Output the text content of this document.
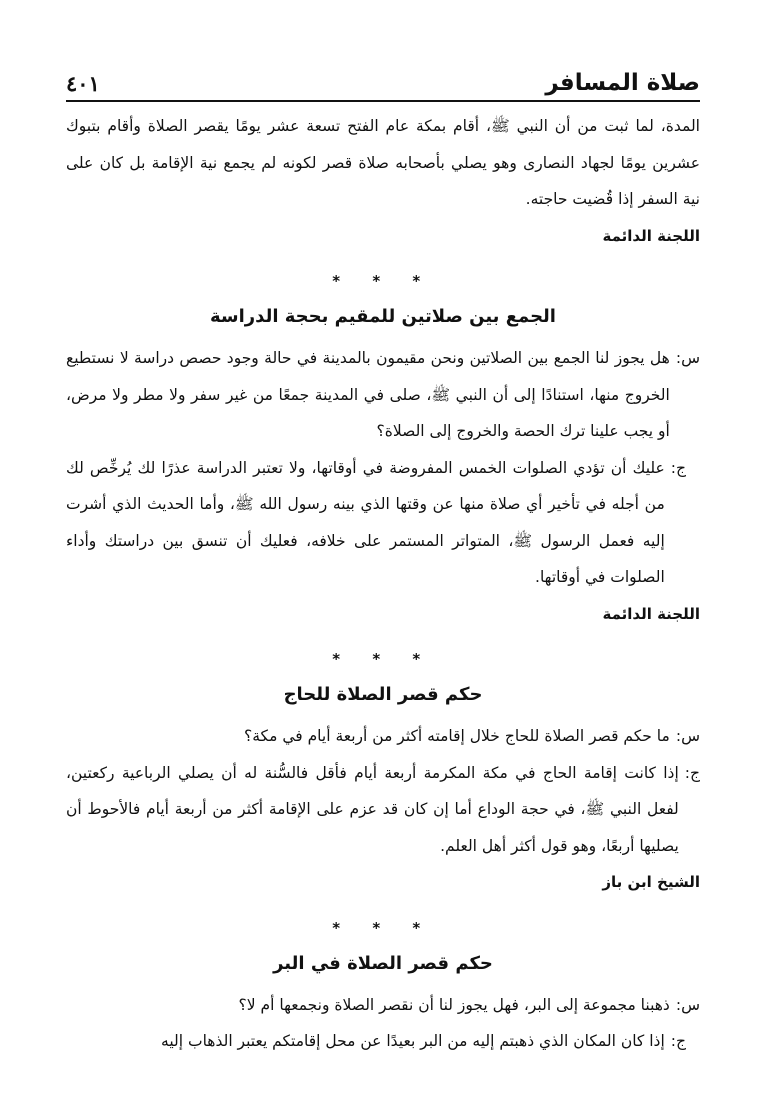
صلاة المسافر
٤٠١

المدة، لما ثبت من أن النبي ﷺ، أقام بمكة عام الفتح تسعة عشر يومًا يقصر الصلاة وأقام بتبوك عشرين يومًا لجهاد النصارى وهو يصلي بأصحابه صلاة قصر لكونه لم يجمع نية الإقامة بل كان على نية السفر إذا قُضيت حاجته.

اللجنة الدائمة

* * *
الجمع بين صلاتين للمقيم بحجة الدراسة
س:
هل يجوز لنا الجمع بين الصلاتين ونحن مقيمون بالمدينة في حالة وجود حصص دراسة لا نستطيع الخروج منها، استنادًا إلى أن النبي ﷺ، صلى في المدينة جمعًا من غير سفر ولا مطر ولا مرض، أو يجب علينا ترك الحصة والخروج إلى الصلاة؟
ج:
عليك أن تؤدي الصلوات الخمس المفروضة في أوقاتها، ولا تعتبر الدراسة عذرًا لك يُرخِّص لك من أجله في تأخير أي صلاة منها عن وقتها الذي بينه رسول الله ﷺ، وأما الحديث الذي أشرت إليه فعمل الرسول ﷺ، المتواتر المستمر على خلافه، فعليك أن تنسق بين دراستك وأداء الصلوات في أوقاتها.

اللجنة الدائمة

* * *
حكم قصر الصلاة للحاج
س:
ما حكم قصر الصلاة للحاج خلال إقامته أكثر من أربعة أيام في مكة؟
ج:
إذا كانت إقامة الحاج في مكة المكرمة أربعة أيام فأقل فالسُّنة له أن يصلي الرباعية ركعتين، لفعل النبي ﷺ، في حجة الوداع أما إن كان قد عزم على الإقامة أكثر من أربعة أيام فالأحوط أن يصليها أربعًا، وهو قول أكثر أهل العلم.

الشيخ ابن باز

* * *
حكم قصر الصلاة في البر
س:
ذهبنا مجموعة إلى البر، فهل يجوز لنا أن نقصر الصلاة ونجمعها أم لا؟
ج:
إذا كان المكان الذي ذهبتم إليه من البر بعيدًا عن محل إقامتكم يعتبر الذهاب إليه
